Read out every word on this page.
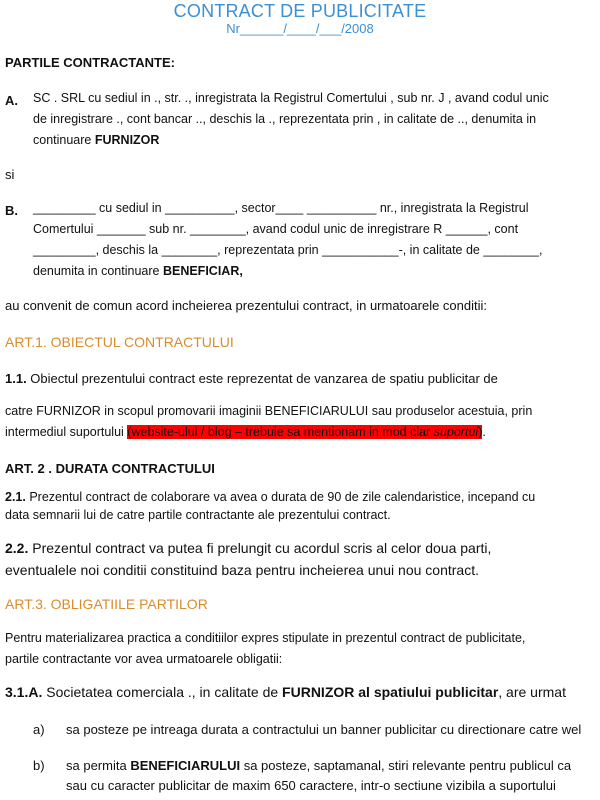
CONTRACT DE PUBLICITATE
Nr______/____/___/2008
PARTILE CONTRACTANTE:
A. SC . SRL cu sediul in ., str. ., inregistrata la Registrul Comertului , sub nr. J , avand codul unic
de inregistrare ., cont bancar .., deschis la ., reprezentata prin , in calitate de .., denumita in
continuare FURNIZOR
si
B. _________ cu sediul in __________, sector____ __________ nr., inregistrata la Registrul
Comertului _______ sub nr. ________, avand codul unic de inregistrare R ______, cont
_________, deschis la ________, reprezentata prin ___________-, in calitate de ________,
denumita in continuare BENEFICIAR,
au convenit de comun acord incheierea prezentului contract, in urmatoarele conditii:
ART.1. OBIECTUL CONTRACTULUI
1.1. Obiectul prezentului contract este reprezentat de vanzarea de spatiu publicitar de
catre FURNIZOR in scopul promovarii imaginii BENEFICIARULUI sau produselor acestuia, prin
intermediul suportului (website-ului / blog – trebuie sa mentionam in mod clar suportul).
ART. 2 . DURATA CONTRACTULUI
2.1. Prezentul contract de colaborare va avea o durata de 90 de zile calendaristice, incepand cu
data semnarii lui de catre partile contractante ale prezentului contract.
2.2. Prezentul contract va putea fi prelungit cu acordul scris al celor doua parti,
eventualele noi conditii constituind baza pentru incheierea unui nou contract.
ART.3. OBLIGATIILE PARTILOR
Pentru materializarea practica a conditiilor expres stipulate in prezentul contract de publicitate,
partile contractante vor avea urmatoarele obligatii:
3.1.A. Societatea comerciala ., in calitate de FURNIZOR al spatiului publicitar, are urmat
a) sa posteze pe intreaga durata a contractului un banner publicitar cu directionare catre wel
b) sa permita BENEFICIARULUI sa posteze, saptamanal, stiri relevante pentru publicul ca
sau cu caracter publicitar de maxim 650 caractere, intr-o sectiune vizibila a suportului
